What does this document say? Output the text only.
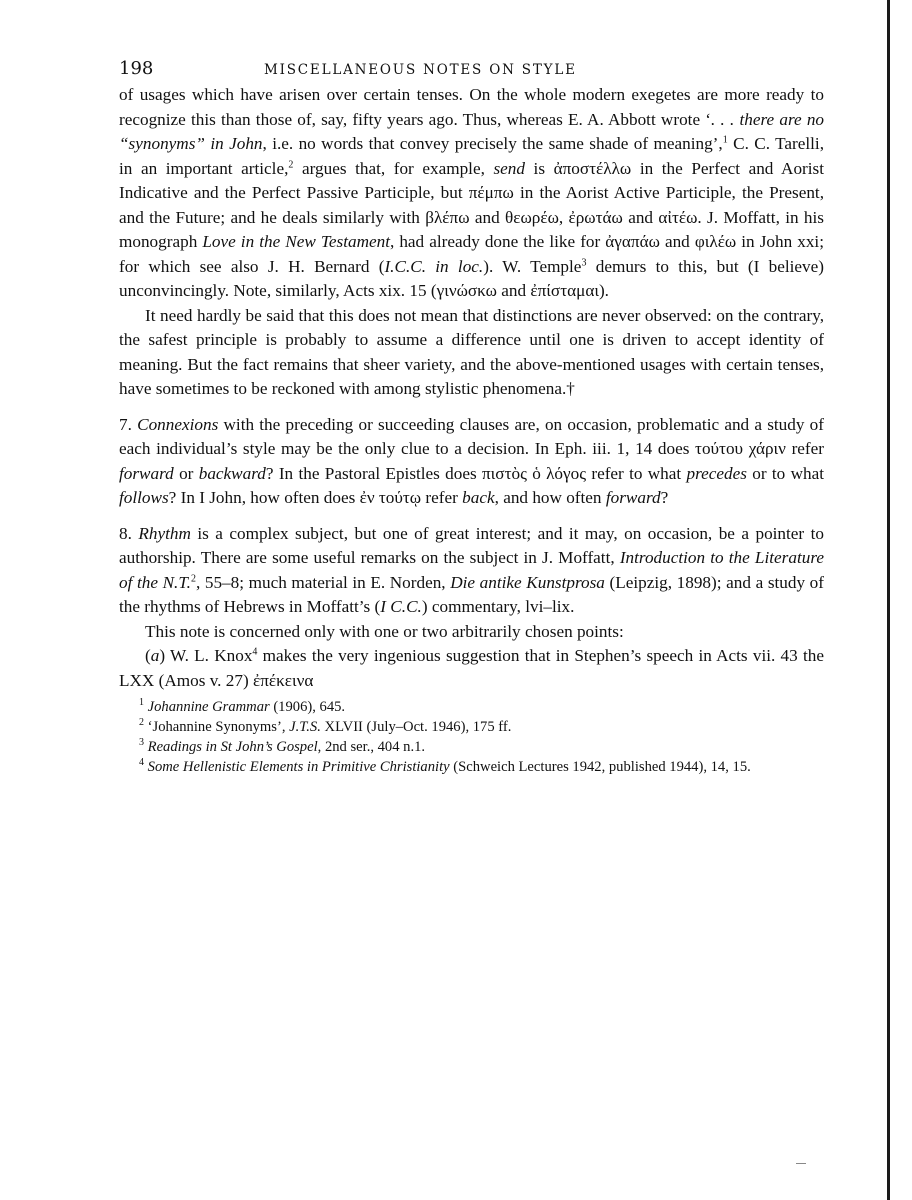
198	MISCELLANEOUS NOTES ON STYLE

of usages which have arisen over certain tenses. On the whole modern exegetes are more ready to recognize this than those of, say, fifty years ago. Thus, whereas E. A. Abbott wrote ‘. . . there are no “synonyms” in John, i.e. no words that convey precisely the same shade of meaning’,$^1$ C. C. Tarelli, in an important article,$^2$ argues that, for example, send is ἀποστέλλω in the Perfect and Aorist Indicative and the Perfect Passive Participle, but πέμπω in the Aorist Active Participle, the Present, and the Future; and he deals similarly with βλέπω and θεωρέω, ἐρωτάω and αἰτέω. J. Moffatt, in his monograph Love in the New Testament, had already done the like for ἀγαπάω and φιλέω in John xxi; for which see also J. H. Bernard (I.C.C. in loc.). W. Temple$^3$ demurs to this, but (I believe) unconvincingly. Note, similarly, Acts xix. 15 (γινώσκω and ἐπίσταμαι).

It need hardly be said that this does not mean that distinctions are never observed: on the contrary, the safest principle is probably to assume a difference until one is driven to accept identity of meaning. But the fact remains that sheer variety, and the above-mentioned usages with certain tenses, have sometimes to be reckoned with among stylistic phenomena.†

7. Connexions with the preceding or succeeding clauses are, on occasion, problematic and a study of each individual’s style may be the only clue to a decision. In Eph. iii. 1, 14 does τούτου χάριν refer forward or backward? In the Pastoral Epistles does πιστὸς ὁ λόγος refer to what precedes or to what follows? In I John, how often does ἐν τούτῳ refer back, and how often forward?

8. Rhythm is a complex subject, but one of great interest; and it may, on occasion, be a pointer to authorship. There are some useful remarks on the subject in J. Moffatt, Introduction to the Literature of the N.T.$^2$, 55–8; much material in E. Norden, Die antike Kunstprosa (Leipzig, 1898); and a study of the rhythms of Hebrews in Moffatt’s (I C.C.) commentary, lvi–lix.

This note is concerned only with one or two arbitrarily chosen points:

(a) W. L. Knox$^4$ makes the very ingenious suggestion that in Stephen’s speech in Acts vii. 43 the LXX (Amos v. 27) ἐπέκεινα

$^1$ Johannine Grammar (1906), 645.

$^2$ ‘Johannine Synonyms’, J.T.S. XLVII (July–Oct. 1946), 175 ff.

$^3$ Readings in St John’s Gospel, 2nd ser., 404 n.1.

$^4$ Some Hellenistic Elements in Primitive Christianity (Schweich Lectures 1942, published 1944), 14, 15.
